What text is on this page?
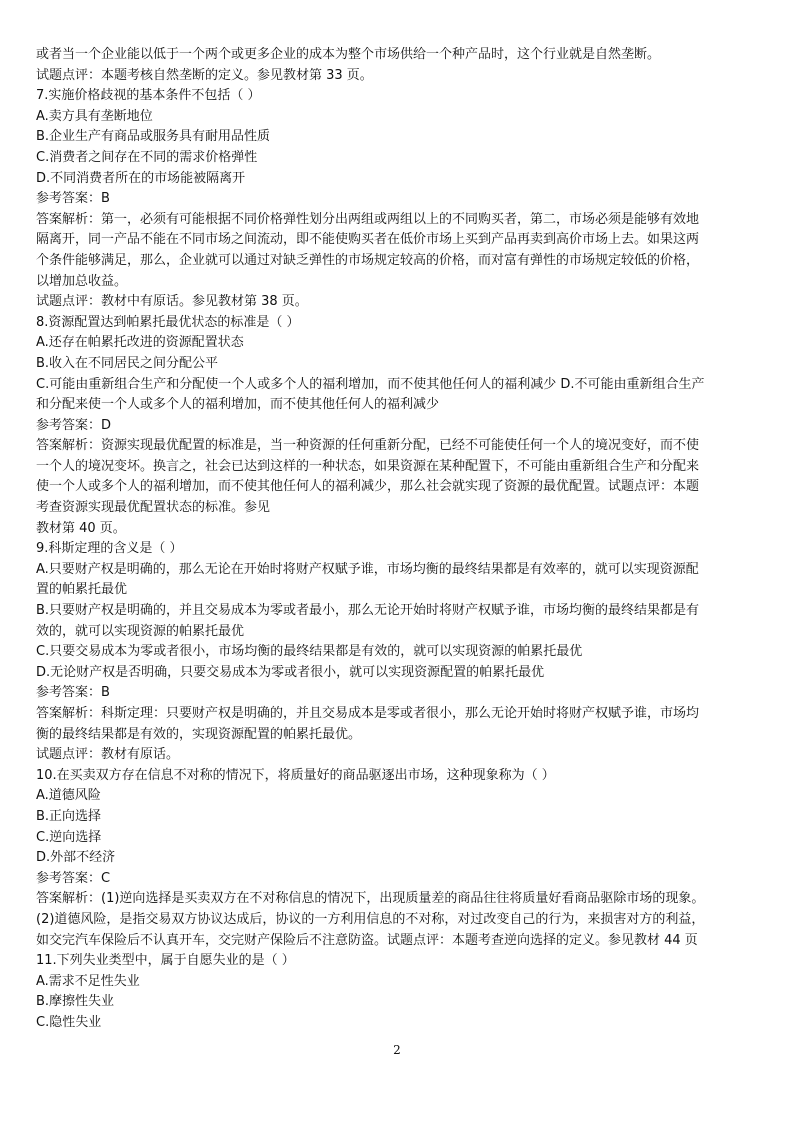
或者当一个企业能以低于一个两个或更多企业的成本为整个市场供给一个种产品时，这个行业就是自然垄断。

试题点评：本题考核自然垄断的定义。参见教材第 33 页。

7.实施价格歧视的基本条件不包括（ ）

A.卖方具有垄断地位

B.企业生产有商品或服务具有耐用品性质

C.消费者之间存在不同的需求价格弹性

D.不同消费者所在的市场能被隔离开

参考答案：B

答案解析：第一，必须有可能根据不同价格弹性划分出两组或两组以上的不同购买者，第二，市场必须是能够有效地

隔离开，同一产品不能在不同市场之间流动，即不能使购买者在低价市场上买到产品再卖到高价市场上去。如果这两

个条件能够满足，那么，企业就可以通过对缺乏弹性的市场规定较高的价格，而对富有弹性的市场规定较低的价格，

以增加总收益。

试题点评：教材中有原话。参见教材第 38 页。

8.资源配置达到帕累托最优状态的标准是（ ）

A.还存在帕累托改进的资源配置状态

B.收入在不同居民之间分配公平

C.可能由重新组合生产和分配使一个人或多个人的福利增加，而不使其他任何人的福利减少 D.不可能由重新组合生产

和分配来使一个人或多个人的福利增加，而不使其他任何人的福利减少

参考答案：D

答案解析：资源实现最优配置的标准是，当一种资源的任何重新分配，已经不可能使任何一个人的境况变好，而不使

一个人的境况变坏。换言之，社会已达到这样的一种状态，如果资源在某种配置下，不可能由重新组合生产和分配来

使一个人或多个人的福利增加，而不使其他任何人的福利减少，那么社会就实现了资源的最优配置。试题点评：本题

考查资源实现最优配置状态的标准。参见

教材第 40 页。

9.科斯定理的含义是（ ）

A.只要财产权是明确的，那么无论在开始时将财产权赋予谁，市场均衡的最终结果都是有效率的，就可以实现资源配

置的帕累托最优

B.只要财产权是明确的，并且交易成本为零或者最小，那么无论开始时将财产权赋予谁，市场均衡的最终结果都是有

效的，就可以实现资源的帕累托最优

C.只要交易成本为零或者很小，市场均衡的最终结果都是有效的，就可以实现资源的帕累托最优

D.无论财产权是否明确，只要交易成本为零或者很小，就可以实现资源配置的帕累托最优

参考答案：B

答案解析：科斯定理：只要财产权是明确的，并且交易成本是零或者很小，那么无论开始时将财产权赋予谁，市场均

衡的最终结果都是有效的，实现资源配置的帕累托最优。

试题点评：教材有原话。

10.在买卖双方存在信息不对称的情况下，将质量好的商品驱逐出市场，这种现象称为（ ）

A.道德风险

B.正向选择

C.逆向选择

D.外部不经济

参考答案：C

答案解析：(1)逆向选择是买卖双方在不对称信息的情况下，出现质量差的商品往往将质量好看商品驱除市场的现象。

(2)道德风险，是指交易双方协议达成后，协议的一方利用信息的不对称，对过改变自己的行为，来损害对方的利益，

如交完汽车保险后不认真开车，交完财产保险后不注意防盗。试题点评：本题考查逆向选择的定义。参见教材 44 页

11.下列失业类型中，属于自愿失业的是（ ）

A.需求不足性失业

B.摩擦性失业

C.隐性失业

2
